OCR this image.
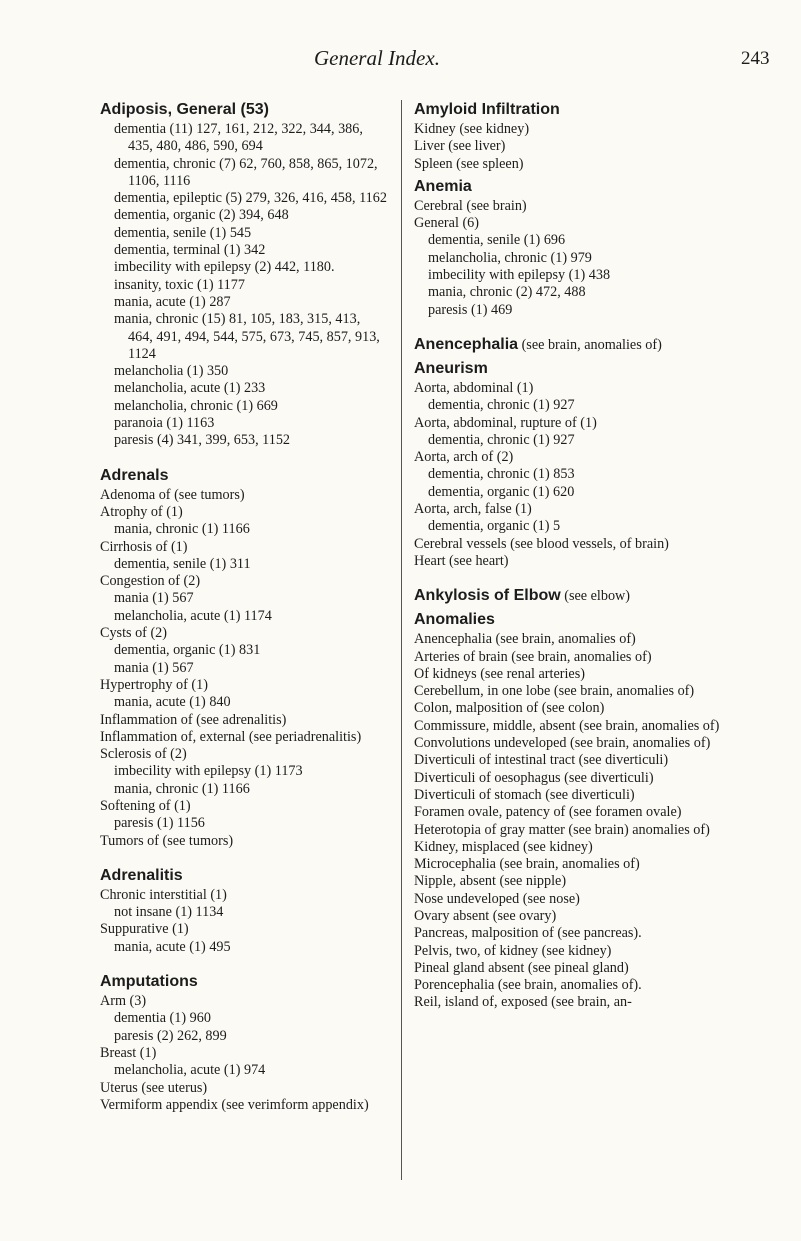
General Index.	243
Adiposis, General (53)
dementia (11) 127, 161, 212, 322, 344, 386, 435, 480, 486, 590, 694
dementia, chronic (7) 62, 760, 858, 865, 1072, 1106, 1116
dementia, epileptic (5) 279, 326, 416, 458, 1162
dementia, organic (2) 394, 648
dementia, senile (1) 545
dementia, terminal (1) 342
imbecility with epilepsy (2) 442, 1180.
insanity, toxic (1) 1177
mania, acute (1) 287
mania, chronic (15) 81, 105, 183, 315, 413, 464, 491, 494, 544, 575, 673, 745, 857, 913, 1124
melancholia (1) 350
melancholia, acute (1) 233
melancholia, chronic (1) 669
paranoia (1) 1163
paresis (4) 341, 399, 653, 1152
Adrenals
Adenoma of (see tumors)
Atrophy of (1)
mania, chronic (1) 1166
Cirrhosis of (1)
dementia, senile (1) 311
Congestion of (2)
mania (1) 567
melancholia, acute (1) 1174
Cysts of (2)
dementia, organic (1) 831
mania (1) 567
Hypertrophy of (1)
mania, acute (1) 840
Inflammation of (see adrenalitis)
Inflammation of, external (see periadrenalitis)
Sclerosis of (2)
imbecility with epilepsy (1) 1173
mania, chronic (1) 1166
Softening of (1)
paresis (1) 1156
Tumors of (see tumors)
Adrenalitis
Chronic interstitial (1)
not insane (1) 1134
Suppurative (1)
mania, acute (1) 495
Amputations
Arm (3)
dementia (1) 960
paresis (2) 262, 899
Breast (1)
melancholia, acute (1) 974
Uterus (see uterus)
Vermiform appendix (see verimform appendix)
Amyloid Infiltration
Kidney (see kidney)
Liver (see liver)
Spleen (see spleen)
Anemia
Cerebral (see brain)
General (6)
dementia, senile (1) 696
melancholia, chronic (1) 979
imbecility with epilepsy (1) 438
mania, chronic (2) 472, 488
paresis (1) 469
Anencephalia (see brain, anomalies of)
Aneurism
Aorta, abdominal (1)
dementia, chronic (1) 927
Aorta, abdominal, rupture of (1)
dementia, chronic (1) 927
Aorta, arch of (2)
dementia, chronic (1) 853
dementia, organic (1) 620
Aorta, arch, false (1)
dementia, organic (1) 5
Cerebral vessels (see blood vessels, of brain)
Heart (see heart)
Ankylosis of Elbow (see elbow)
Anomalies
Anencephalia (see brain, anomalies of)
Arteries of brain (see brain, anomalies of)
Of kidneys (see renal arteries)
Cerebellum, in one lobe (see brain, anomalies of)
Colon, malposition of (see colon)
Commissure, middle, absent (see brain, anomalies of)
Convolutions undeveloped (see brain, anomalies of)
Diverticuli of intestinal tract (see diverticuli)
Diverticuli of oesophagus (see diverticuli)
Diverticuli of stomach (see diverticuli)
Foramen ovale, patency of (see foramen ovale)
Heterotopia of gray matter (see brain) anomalies of)
Kidney, misplaced (see kidney)
Microcephalia (see brain, anomalies of)
Nipple, absent (see nipple)
Nose undeveloped (see nose)
Ovary absent (see ovary)
Pancreas, malposition of (see pancreas).
Pelvis, two, of kidney (see kidney)
Pineal gland absent (see pineal gland)
Porencephalia (see brain, anomalies of).
Reil, island of, exposed (see brain, an-
